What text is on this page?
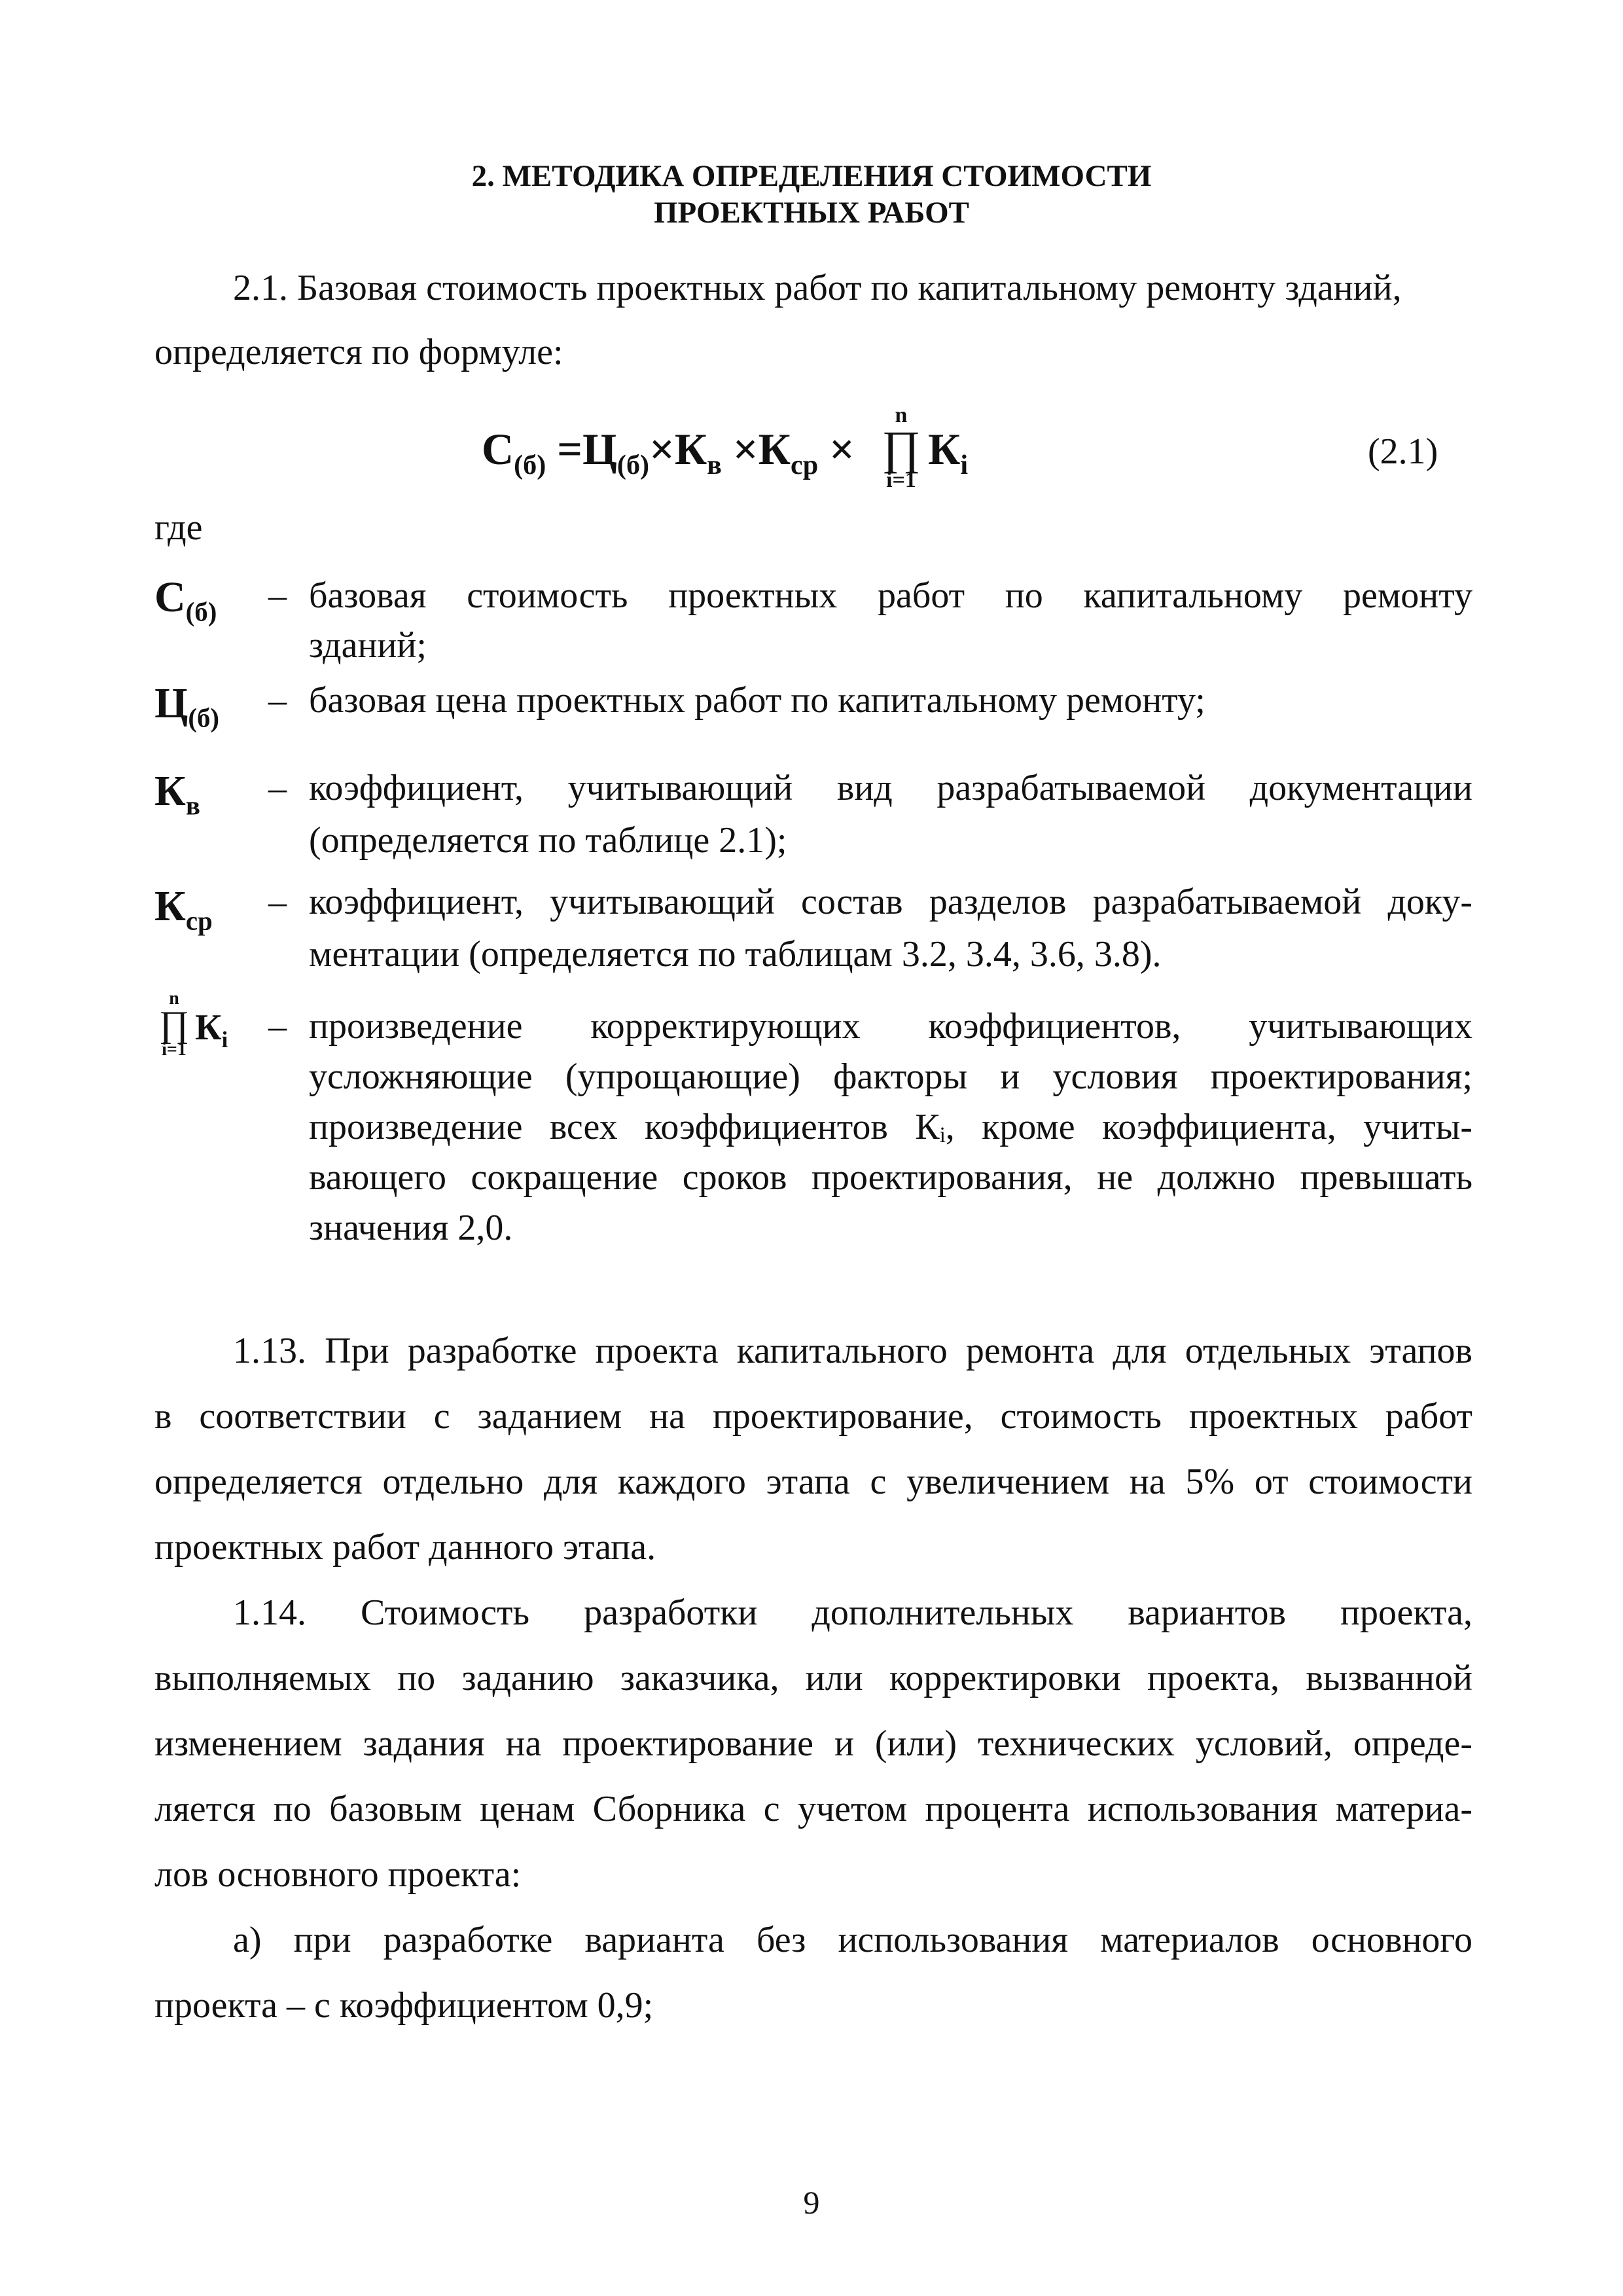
2. МЕТОДИКА ОПРЕДЕЛЕНИЯ СТОИМОСТИ
ПРОЕКТНЫХ РАБОТ
2.1. Базовая стоимость проектных работ по капитальному ремонту зданий,
определяется по формуле:
$С_{(б)} =Ц_{(б)}\times К_в \times К_{ср}$ ×
n
∏
i=1
$К_i$	(2.1)
где
$С_{(б)}$ – базовая стоимость проектных работ по капитальному ремонту
зданий;
$Ц_{(б)}$ – базовая цена проектных работ по капитальному ремонту;
$К_в$ – коэффициент, учитывающий вид разрабатываемой документации
(определяется по таблице 2.1);
$К_{ср}$ – коэффициент, учитывающий состав разделов разрабатываемой доку-
ментации (определяется по таблицам 3.2, 3.4, 3.6, 3.8).
n
∏
i=1
$К_i$ – произведение корректирующих коэффициентов, учитывающих
усложняющие (упрощающие) факторы и условия проектирования;
произведение всех коэффициентов Кᵢ, кроме коэффициента, учиты-
вающего сокращение сроков проектирования, не должно превышать
значения 2,0.
1.13. При разработке проекта капитального ремонта для отдельных этапов
в соответствии с заданием на проектирование, стоимость проектных работ
определяется отдельно для каждого этапа с увеличением на 5% от стоимости
проектных работ данного этапа.
1.14. Стоимость разработки дополнительных вариантов проекта,
выполняемых по заданию заказчика, или корректировки проекта, вызванной
изменением задания на проектирование и (или) технических условий, опреде-
ляется по базовым ценам Сборника с учетом процента использования материа-
лов основного проекта:
а) при разработке варианта без использования материалов основного
проекта – с коэффициентом 0,9;
9
